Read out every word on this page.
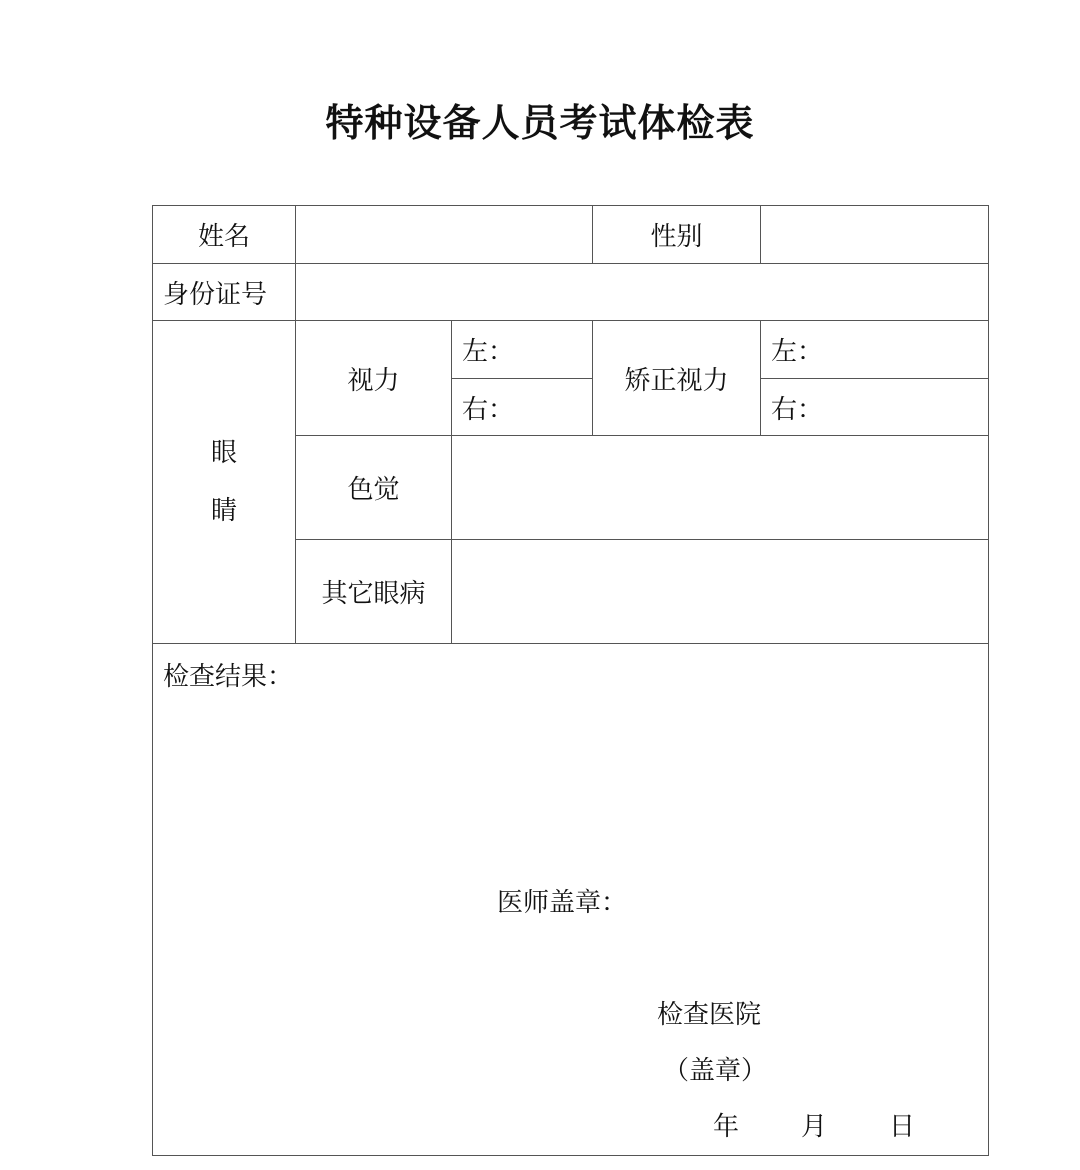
特种设备人员考试体检表
姓名			性别	
身份证号				

眼
睛	视力	左：	矫正视力	左：
		右：		右：
	色觉			
	其它眼病			

检查结果：
医师盖章：
检查医院
（盖章）
年 月 日				
